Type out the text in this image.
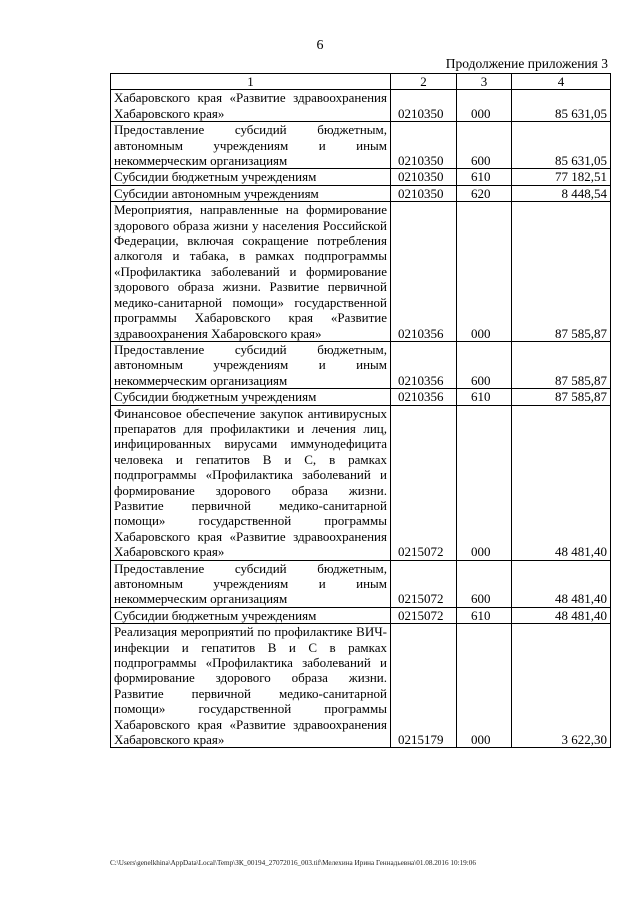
6
Продолжение приложения 3
1	2	3	4
Хабаровского края «Развитие здравоохранения Хабаровского края»	0210350	000	85 631,05
Предоставление субсидий бюджетным, автономным учреждениям и иным некоммерческим организациям	0210350	600	85 631,05
Субсидии бюджетным учреждениям	0210350	610	77 182,51
Субсидии автономным учреждениям	0210350	620	8 448,54
Мероприятия, направленные на формирование здорового образа жизни у населения Российской Федерации, включая сокращение потребления алкоголя и табака, в рамках подпрограммы «Профилактика заболеваний и формирование здорового образа жизни. Развитие первичной медико-санитарной помощи» государственной программы Хабаровского края «Развитие здравоохранения Хабаровского края»	0210356	000	87 585,87
Предоставление субсидий бюджетным, автономным учреждениям и иным некоммерческим организациям	0210356	600	87 585,87
Субсидии бюджетным учреждениям	0210356	610	87 585,87
Финансовое обеспечение закупок антивирусных препаратов для профилактики и лечения лиц, инфицированных вирусами иммунодефицита человека и гепатитов B и C, в рамках подпрограммы «Профилактика заболеваний и формирование здорового образа жизни. Развитие первичной медико-санитарной помощи» государственной программы Хабаровского края «Развитие здравоохранения Хабаровского края»	0215072	000	48 481,40
Предоставление субсидий бюджетным, автономным учреждениям и иным некоммерческим организациям	0215072	600	48 481,40
Субсидии бюджетным учреждениям	0215072	610	48 481,40
Реализация мероприятий по профилактике ВИЧ-инфекции и гепатитов B и C в рамках подпрограммы «Профилактика заболеваний и формирование здорового образа жизни. Развитие первичной медико-санитарной помощи» государственной программы Хабаровского края «Развитие здравоохранения Хабаровского края»	0215179	000	3 622,30
C:\Users\genelkhina\AppData\Local\Temp\ЗК_00194_27072016_003.tif\Мелехина Ирина Геннадьевна\01.08.2016 10:19:06
